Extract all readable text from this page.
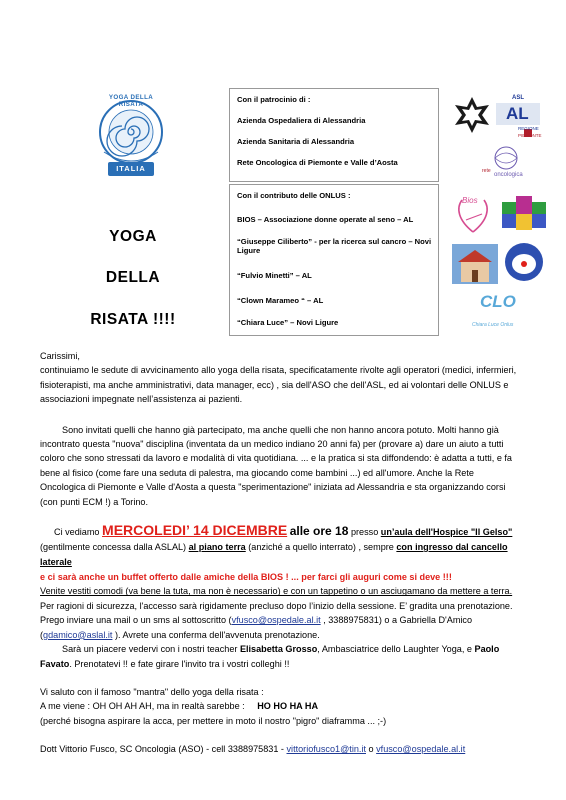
YOGA DELLA RISATA
ITALIA
YOGA
DELLA
RISATA !!!!
Con il patrocinio di :
Azienda Ospedaliera di Alessandria
Azienda Sanitaria di Alessandria
Rete Oncologica di Piemonte e Valle d’Aosta
ASL
AL
REGIONE
PIEMONTE
rete
oncologica
Con il contributo delle ONLUS :
BIOS – Associazione donne operate al seno – AL
“Giuseppe Ciliberto” - per la ricerca sul cancro – Novi Ligure
“Fulvio Minetti” – AL
“Clown Marameo “ – AL
“Chiara Luce” – Novi Ligure
Bios
CLO
Chiara Luce Onlus

Carissimi,

continuiamo le sedute di avvicinamento allo yoga della risata, specificatamente rivolte agli operatori (medici, infermieri, fisioterapisti, ma anche amministrativi, data manager, ecc) , sia dell'ASO che dell'ASL, ed ai volontari delle ONLUS e associazioni impegnate nell’assistenza ai pazienti.

Sono invitati quelli che hanno già partecipato, ma anche quelli che non hanno ancora potuto. Molti hanno già incontrato questa "nuova" disciplina (inventata da un medico indiano 20 anni fa) per (provare a) dare un aiuto a tutti coloro che sono stressati da lavoro e modalità di vita quotidiana. ... e la pratica si sta diffondendo: è adatta a tutti, e fa bene al fisico (come fare una seduta di palestra, ma giocando come bambini ...) ed all'umore. Anche la Rete Oncologica di Piemonte e Valle d'Aosta a questa "sperimentazione" iniziata ad Alessandria e sta organizzando corsi (con punti ECM !) a Torino.

Ci vediamo MERCOLEDI’ 14 DICEMBRE alle ore 18 presso un’aula dell'Hospice "Il Gelso" (gentilmente concessa dalla ASLAL) al piano terra (anziché a quello interrato) , sempre con ingresso dal cancello laterale

e ci sarà anche un buffet offerto dalle amiche della BIOS ! ... per farci gli auguri come si deve !!!

Venite vestiti comodi (va bene la tuta, ma non è necessario) e con un tappetino o un asciugamano da mettere a terra. Per ragioni di sicurezza, l'accesso sarà rigidamente precluso dopo l’inizio della sessione. E’ gradita una prenotazione. Prego inviare una mail o un sms al sottoscritto (vfusco@ospedale.al.it , 3388975831) o a Gabriella D'Amico (gdamico@aslal.it ). Avrete una conferma dell'avvenuta prenotazione.

Sarà un piacere vedervi con i nostri teacher Elisabetta Grosso, Ambasciatrice dello Laughter Yoga, e Paolo Favato. Prenotatevi !! e fate girare l'invito tra i vostri colleghi !!

Vi saluto con il famoso "mantra" dello yoga della risata :

A me viene : OH OH AH AH, ma in realtà sarebbe : HO HO HA HA

(perché bisogna aspirare la acca, per mettere in moto il nostro "pigro" diaframma ... ;-)

Dott Vittorio Fusco, SC Oncologia (ASO) - cell 3388975831 - vittoriofusco1@tin.it o vfusco@ospedale.al.it
